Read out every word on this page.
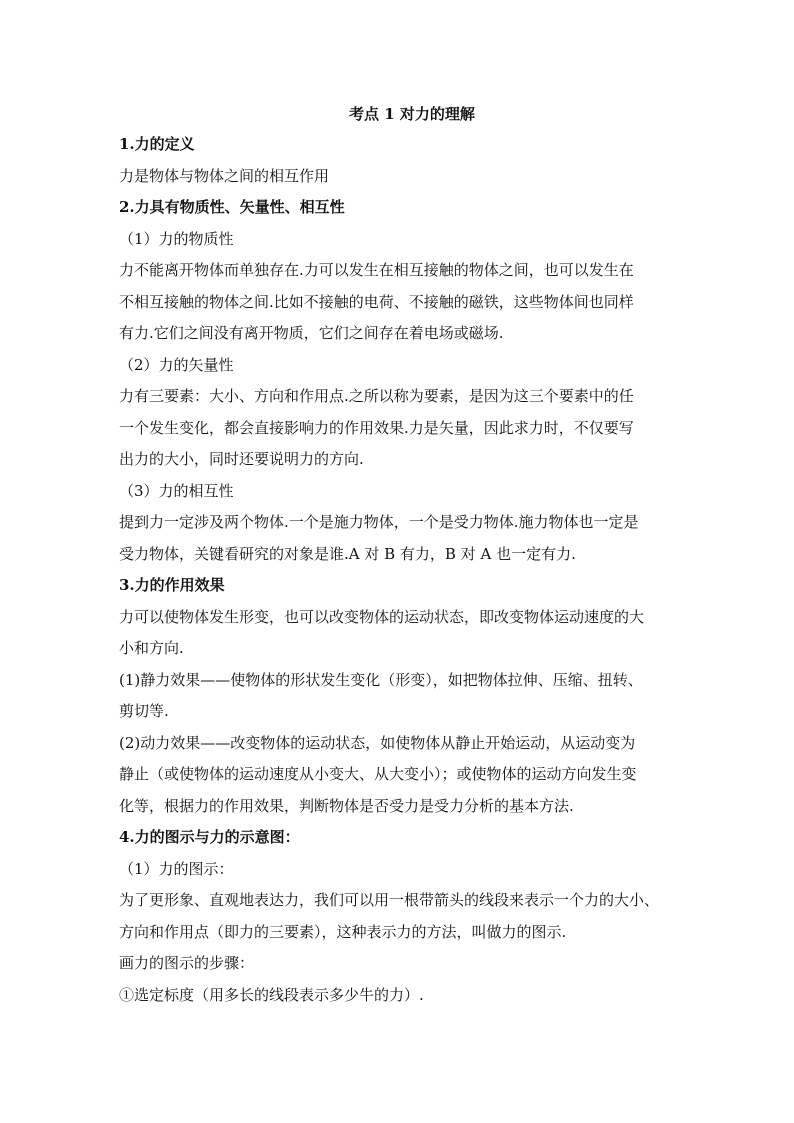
考点 1 对力的理解
1.力的定义
力是物体与物体之间的相互作用
2.力具有物质性、矢量性、相互性
（1）力的物质性
力不能离开物体而单独存在.力可以发生在相互接触的物体之间，也可以发生在
不相互接触的物体之间.比如不接触的电荷、不接触的磁铁，这些物体间也同样
有力.它们之间没有离开物质，它们之间存在着电场或磁场.
（2）力的矢量性
力有三要素：大小、方向和作用点.之所以称为要素，是因为这三个要素中的任
一个发生变化，都会直接影响力的作用效果.力是矢量，因此求力时，不仅要写
出力的大小，同时还要说明力的方向.
（3）力的相互性
提到力一定涉及两个物体.一个是施力物体，一个是受力物体.施力物体也一定是
受力物体，关键看研究的对象是谁.A 对 B 有力，B 对 A 也一定有力.
3.力的作用效果
力可以使物体发生形变，也可以改变物体的运动状态，即改变物体运动速度的大
小和方向.
(1)静力效果——使物体的形状发生变化（形变），如把物体拉伸、压缩、扭转、
剪切等.
(2)动力效果——改变物体的运动状态，如使物体从静止开始运动，从运动变为
静止（或使物体的运动速度从小变大、从大变小）；或使物体的运动方向发生变
化等，根据力的作用效果，判断物体是否受力是受力分析的基本方法.
4.力的图示与力的示意图：
（1）力的图示：
为了更形象、直观地表达力，我们可以用一根带箭头的线段来表示一个力的大小、
方向和作用点（即力的三要素），这种表示力的方法，叫做力的图示.
画力的图示的步骤：
①选定标度（用多长的线段表示多少牛的力）.
